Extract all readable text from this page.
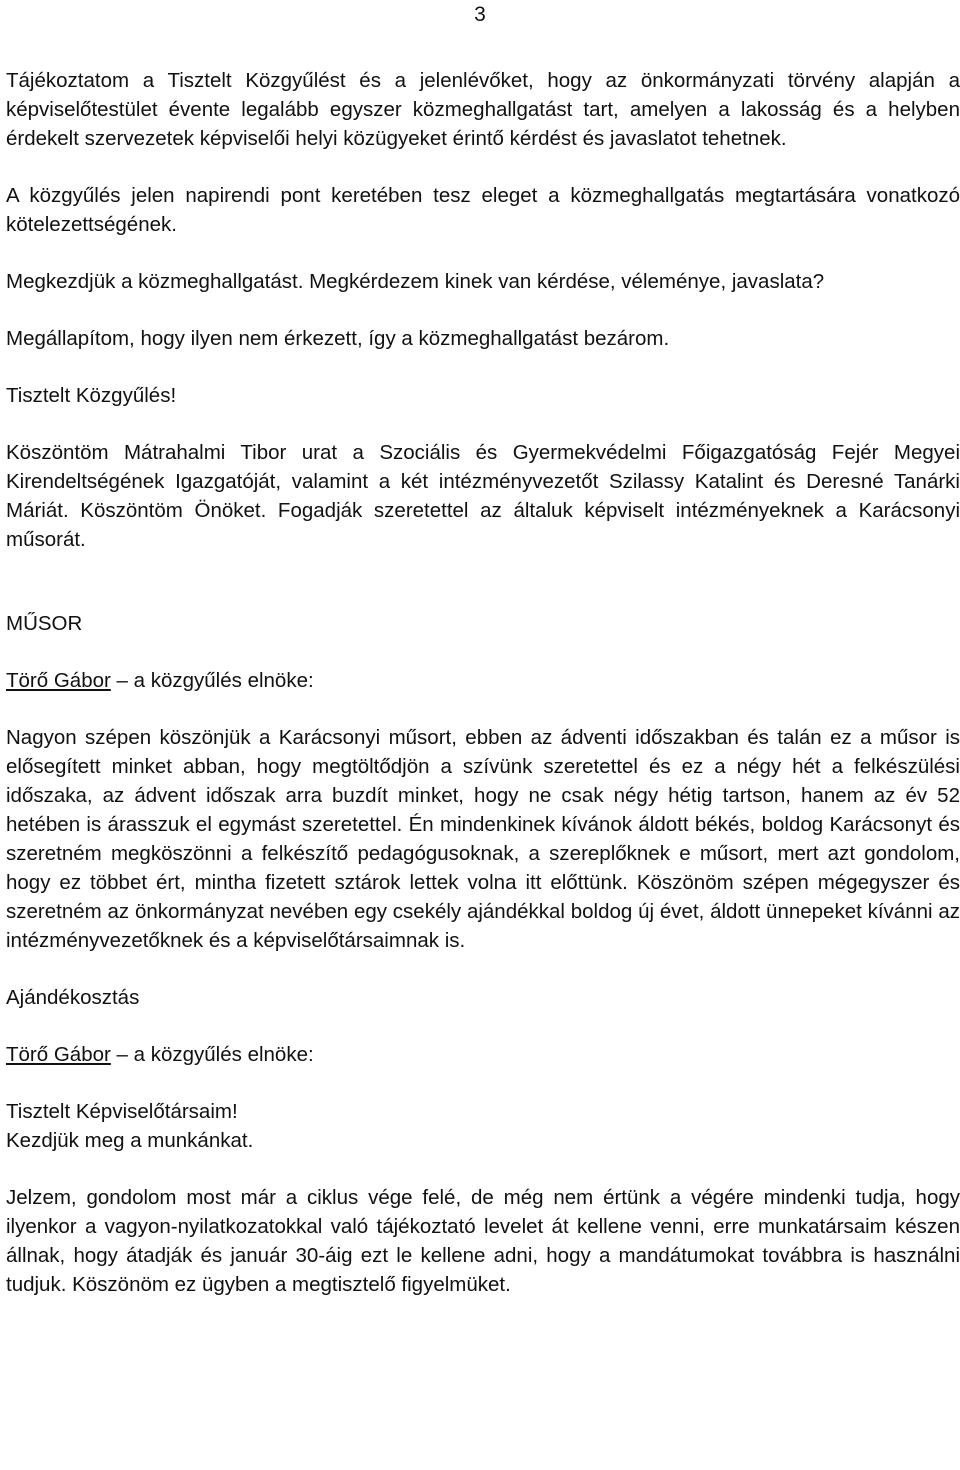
3

Tájékoztatom a Tisztelt Közgyűlést és a jelenlévőket, hogy az önkormányzati törvény alapján a képviselőtestület évente legalább egyszer közmeghallgatást tart, amelyen a lakosság és a helyben érdekelt szervezetek képviselői helyi közügyeket érintő kérdést és javaslatot tehetnek.

A közgyűlés jelen napirendi pont keretében tesz eleget a közmeghallgatás megtartására vonatkozó kötelezettségének.

Megkezdjük a közmeghallgatást. Megkérdezem kinek van kérdése, véleménye, javaslata?

Megállapítom, hogy ilyen nem érkezett, így a közmeghallgatást bezárom.

Tisztelt Közgyűlés!

Köszöntöm Mátrahalmi Tibor urat a Szociális és Gyermekvédelmi Főigazgatóság Fejér Megyei Kirendeltségének Igazgatóját, valamint a két intézményvezetőt Szilassy Katalint és Deresné Tanárki Máriát. Köszöntöm Önöket. Fogadják szeretettel az általuk képviselt intézményeknek a Karácsonyi műsorát.

MŰSOR

Törő Gábor – a közgyűlés elnöke:

Nagyon szépen köszönjük a Karácsonyi műsort, ebben az ádventi időszakban és talán ez a műsor is elősegített minket abban, hogy megtöltődjön a szívünk szeretettel és ez a négy hét a felkészülési időszaka, az ádvent időszak arra buzdít minket, hogy ne csak négy hétig tartson, hanem az év 52 hetében is árasszuk el egymást szeretettel. Én mindenkinek kívánok áldott békés, boldog Karácsonyt és szeretném megköszönni a felkészítő pedagógusoknak, a szereplőknek e műsort, mert azt gondolom, hogy ez többet ért, mintha fizetett sztárok lettek volna itt előttünk. Köszönöm szépen mégegyszer és szeretném az önkormányzat nevében egy csekély ajándékkal boldog új évet, áldott ünnepeket kívánni az intézményvezetőknek és a képviselőtársaimnak is.

Ajándékosztás

Törő Gábor – a közgyűlés elnöke:

Tisztelt Képviselőtársaim!

Kezdjük meg a munkánkat.

Jelzem, gondolom most már a ciklus vége felé, de még nem értünk a végére mindenki tudja, hogy ilyenkor a vagyon-nyilatkozatokkal való tájékoztató levelet át kellene venni, erre munkatársaim készen állnak, hogy átadják és január 30-áig ezt le kellene adni, hogy a mandátumokat továbbra is használni tudjuk. Köszönöm ez ügyben a megtisztelő figyelmüket.
